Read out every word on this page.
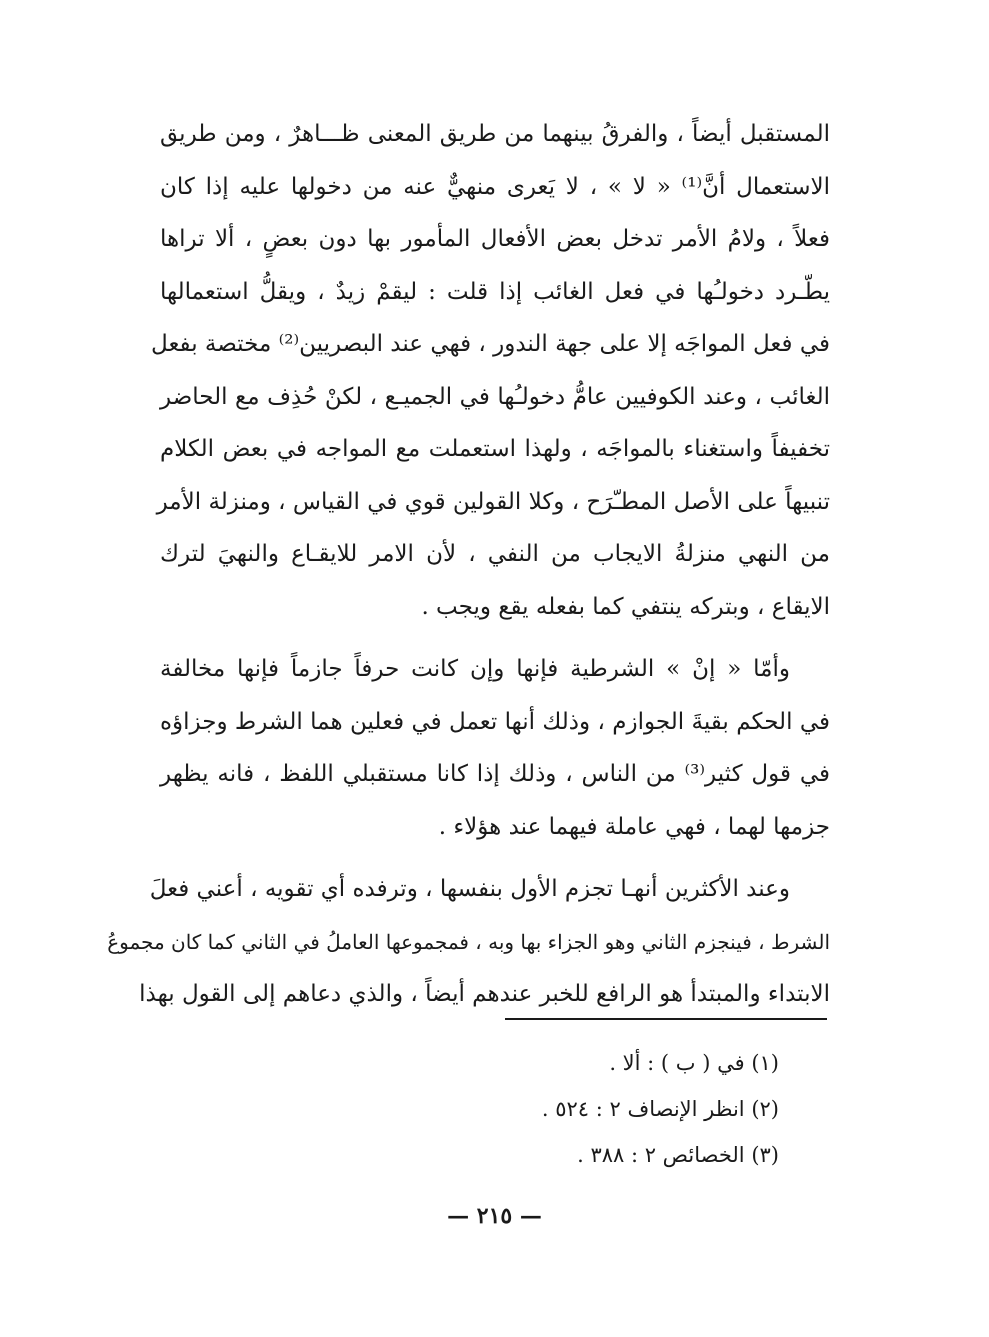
المستقبل أيضاً ، والفرقُ بينهما من طريق المعنى ظـــاهرٌ ، ومن طريق
الاستعمال أنَّ⁽¹⁾ « لا » ، لا يَعرى منهيٌّ عنه من دخولها عليه إذا كان
فعلاً ، ولامُ الأمر تدخل بعض الأفعال المأمور بها دون بعضٍ ، ألا تراها
يطّـرد دخولـُها في فعل الغائب إذا قلت : ليقمْ زيدٌ ، ويقلُّ استعمالها
في فعل المواجَه إلا على جهة الندور ، فهي عند البصريين⁽²⁾ مختصة بفعل
الغائب ، وعند الكوفيين عامُّ دخولـُها في الجميـع ، لكنْ حُذِف مع الحاضر
تخفيفاً واستغناء بالمواجَه ، ولهذا استعملت مع المواجه في بعض الكلام
تنبيهاً على الأصل المطـّرَح ، وكلا القولين قوي في القياس ، ومنزلة الأمر
من النهي منزلةُ الايجاب من النفي ، لأن الامر للايقـاع والنهيَ لترك
الايقاع ، وبتركه ينتفي كما بفعله يقع ويجب .

وأمّا « إنْ » الشرطية فإنها وإن كانت حرفاً جازماً فإنها مخالفة
في الحكم بقيةَ الجوازم ، وذلك أنها تعمل في فعلين هما الشرط وجزاؤه
في قول كثير⁽³⁾ من الناس ، وذلك إذا كانا مستقبلي اللفظ ، فانه يظهر
جزمها لهما ، فهي عاملة فيهما عند هؤلاء .

وعند الأكثرين أنهـا تجزم الأول بنفسها ، وترفده أي تقويه ، أعني فعلَ
الشرط ، فينجزم الثاني وهو الجزاء بها وبه ، فمجموعها العاملُ في الثاني كما كان مجموعُ
الابتداء والمبتدأ هو الرافع للخبر عندهم أيضاً ، والذي دعاهم إلى القول بهذا

(١) في ( ب ) : ألا .
(٢) انظر الإنصاف ٢ : ٥٢٤ .
(٣) الخصائص ٢ : ٣٨٨ .
— ٢١٥ —
